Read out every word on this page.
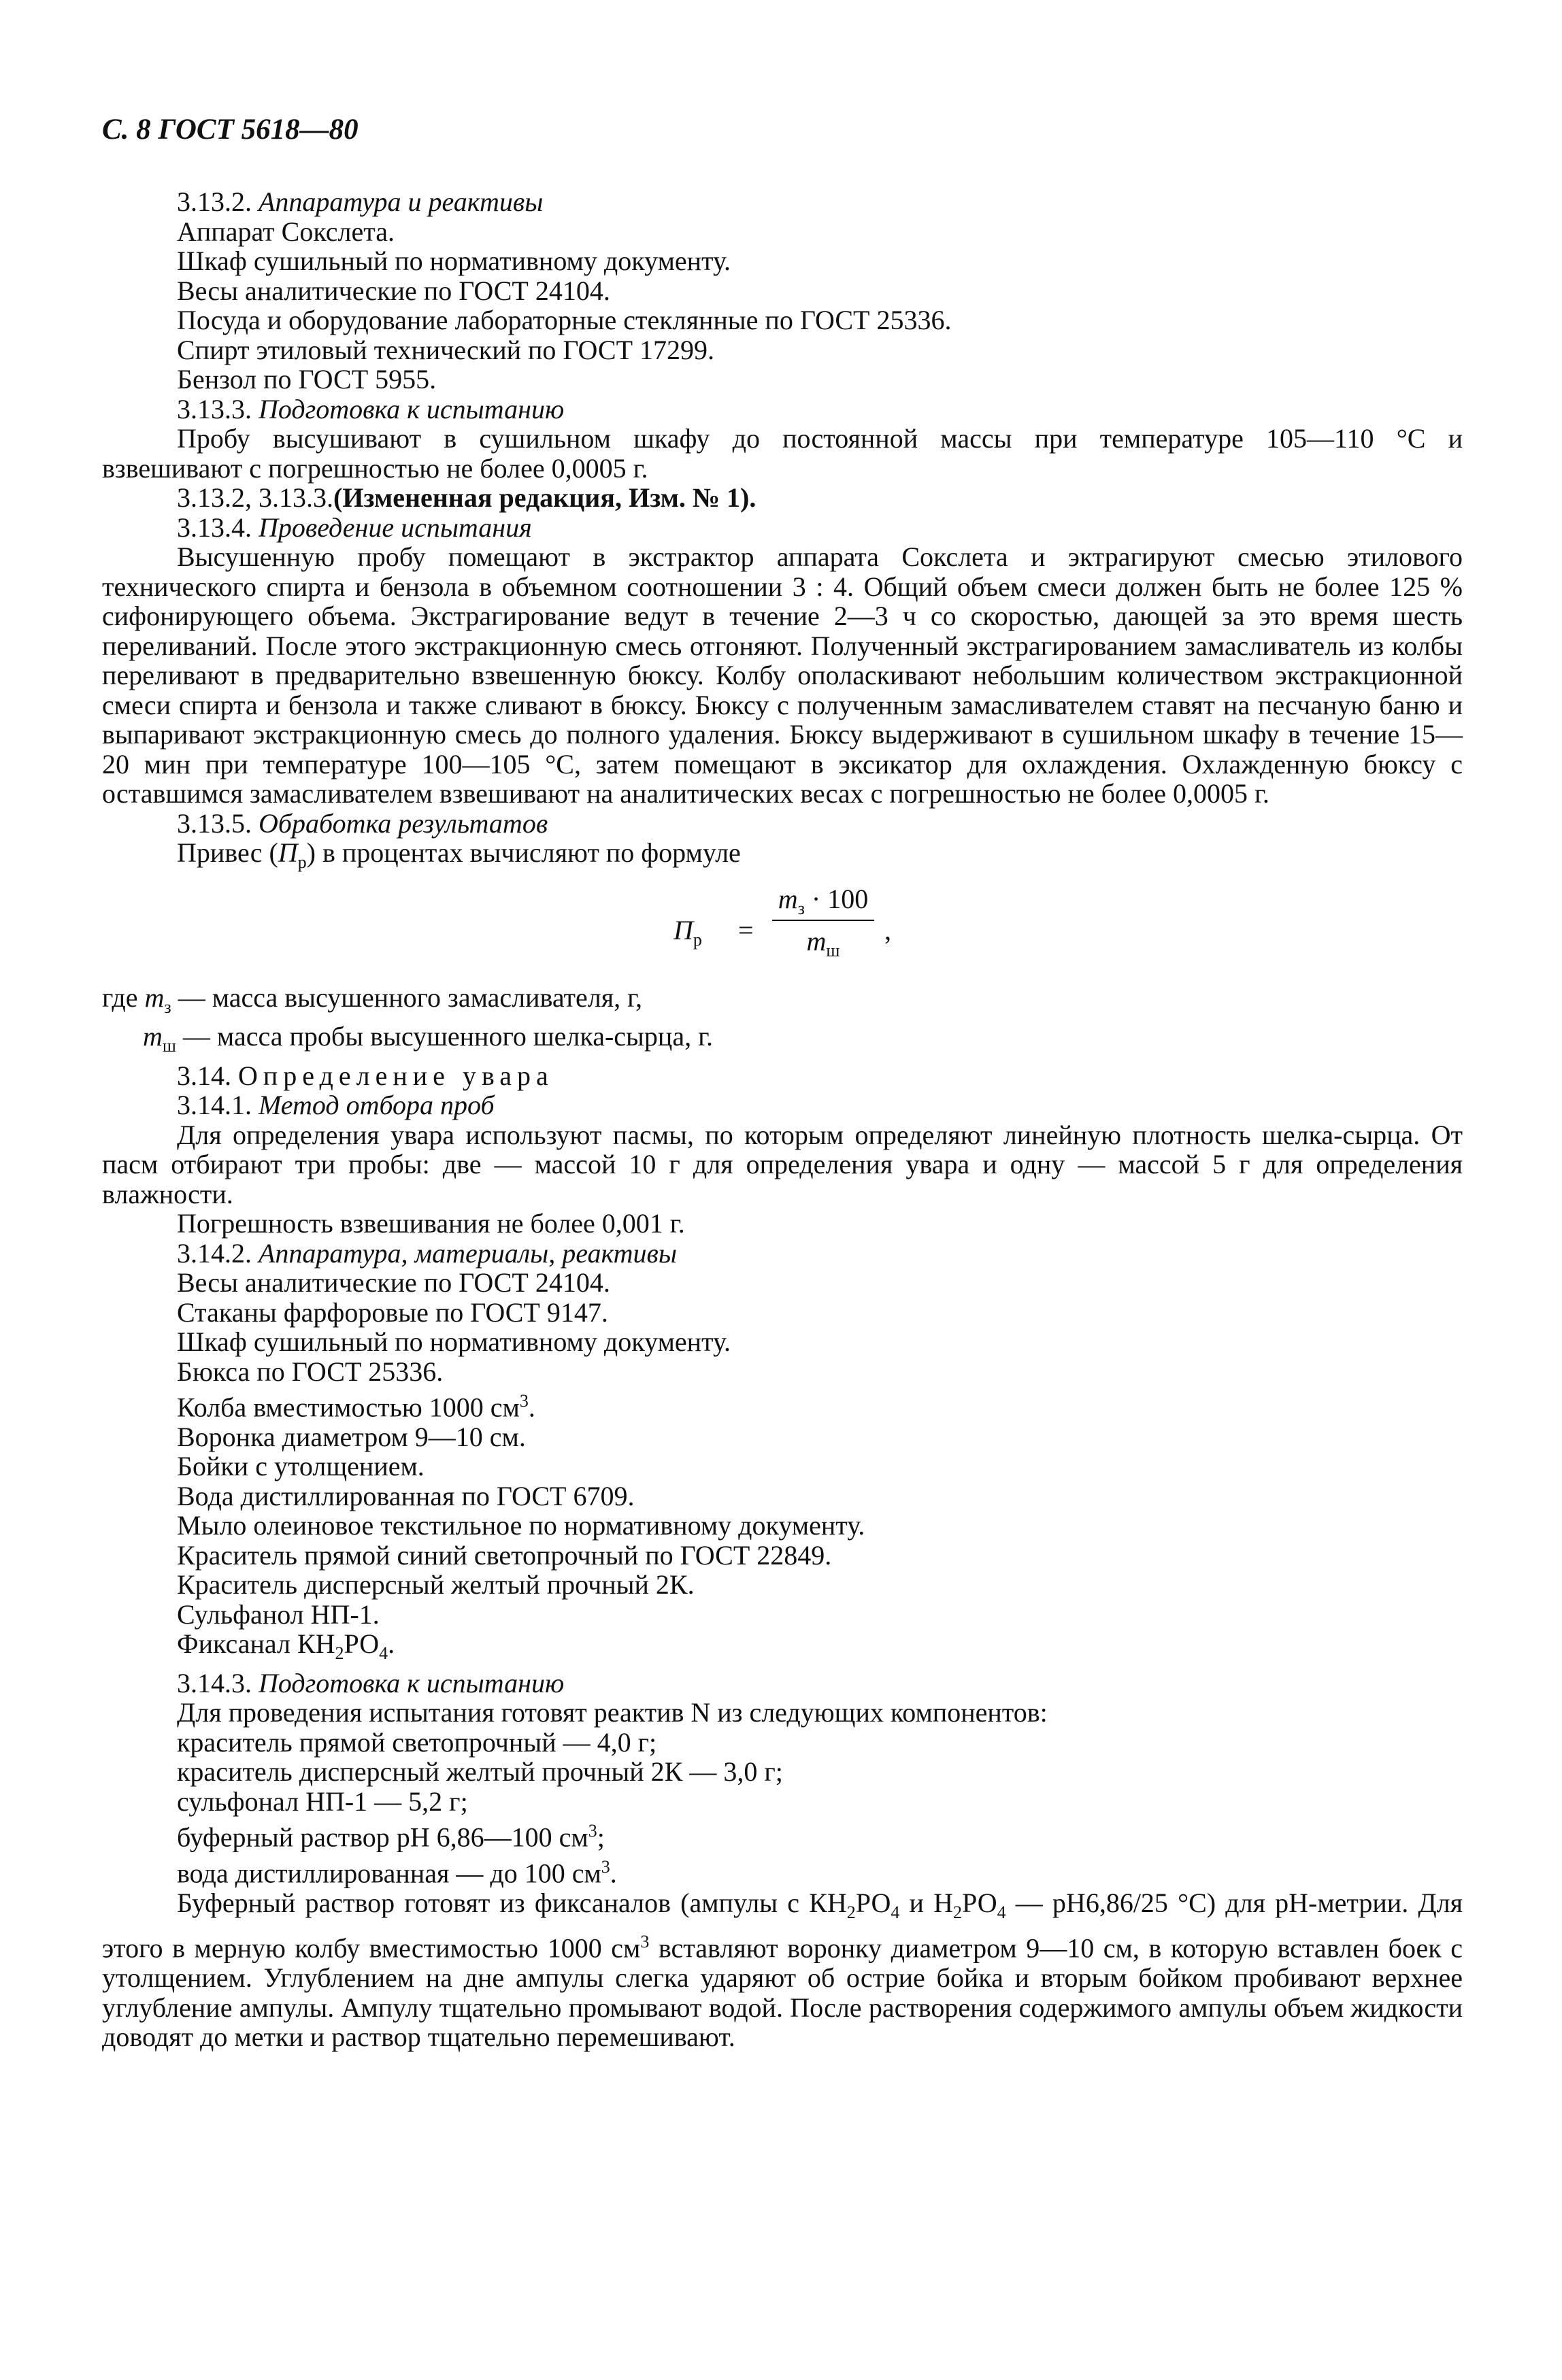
С. 8 ГОСТ 5618—80

3.13.2. Аппаратура и реактивы

Аппарат Сокслета.

Шкаф сушильный по нормативному документу.

Весы аналитические по ГОСТ 24104.

Посуда и оборудование лабораторные стеклянные по ГОСТ 25336.

Спирт этиловый технический по ГОСТ 17299.

Бензол по ГОСТ 5955.

3.13.3. Подготовка к испытанию

Пробу высушивают в сушильном шкафу до постоянной массы при температуре 105—110 °С и

взвешивают с погрешностью не более 0,0005 г.

3.13.2, 3.13.3.(Измененная редакция, Изм. № 1).

3.13.4. Проведение испытания

Высушенную пробу помещают в экстрактор аппарата Сокслета и эктрагируют смесью этилового технического спирта и бензола в объемном соотношении 3 : 4. Общий объем смеси должен быть не более 125 % сифонирующего объема. Экстрагирование ведут в течение 2—3 ч со скоростью, дающей за это время шесть переливаний. После этого экстракционную смесь отгоняют. Полученный экстрагированием замасливатель из колбы переливают в предварительно взвешенную бюксу. Колбу ополаскивают небольшим количеством экстракционной смеси спирта и бензола и также сливают в бюксу. Бюксу с полученным замасливателем ставят на песчаную баню и выпаривают экстракционную смесь до полного удаления. Бюксу выдерживают в сушильном шкафу в течение 15—20 мин при температуре 100—105 °С, затем помещают в эксикатор для охлаждения. Охлажденную бюксу с оставшимся замасливателем взвешивают на аналитических весах с погрешностью не более 0,0005 г.

3.13.5. Обработка результатов

Привес $(П_р)$ в процентах вычисляют по формуле

$П_р$ =
$m_з \cdot 100$
$m_ш$
,
где $m_з$ — масса высушенного замасливателя, г,
$m_ш$ — масса пробы высушенного шелка-сырца, г.

3.14. Определение увара

3.14.1. Метод отбора проб

Для определения увара используют пасмы, по которым определяют линейную плотность шелка-сырца. От пасм отбирают три пробы: две — массой 10 г для определения увара и одну — массой 5 г для определения влажности.

Погрешность взвешивания не более 0,001 г.

3.14.2. Аппаратура, материалы, реактивы

Весы аналитические по ГОСТ 24104.

Стаканы фарфоровые по ГОСТ 9147.

Шкаф сушильный по нормативному документу.

Бюкса по ГОСТ 25336.

Колба вместимостью 1000 $см^3$.

Воронка диаметром 9—10 см.

Бойки с утолщением.

Вода дистиллированная по ГОСТ 6709.

Мыло олеиновое текстильное по нормативному документу.

Краситель прямой синий светопрочный по ГОСТ 22849.

Краситель дисперсный желтый прочный 2К.

Сульфанол НП-1.

Фиксанал $КН_2РО_4$.

3.14.3. Подготовка к испытанию

Для проведения испытания готовят реактив N из следующих компонентов:

краситель прямой светопрочный — 4,0 г;

краситель дисперсный желтый прочный 2К — 3,0 г;

сульфонал НП-1 — 5,2 г;

буферный раствор рН 6,86—100 $см^3$;

вода дистиллированная — до 100 $см^3$.

Буферный раствор готовят из фиксаналов (ампулы с $КН_2РО_4$ и $Н_2РО_4$ — рН6,86/25 °С) для рН-метрии. Для этого в мерную колбу вместимостью 1000 $см^3$ вставляют воронку диаметром 9—10 см, в которую вставлен боек с утолщением. Углублением на дне ампулы слегка ударяют об острие бойка и вторым бойком пробивают верхнее углубление ампулы. Ампулу тщательно промывают водой. После растворения содержимого ампулы объем жидкости доводят до метки и раствор тщательно перемешивают.
